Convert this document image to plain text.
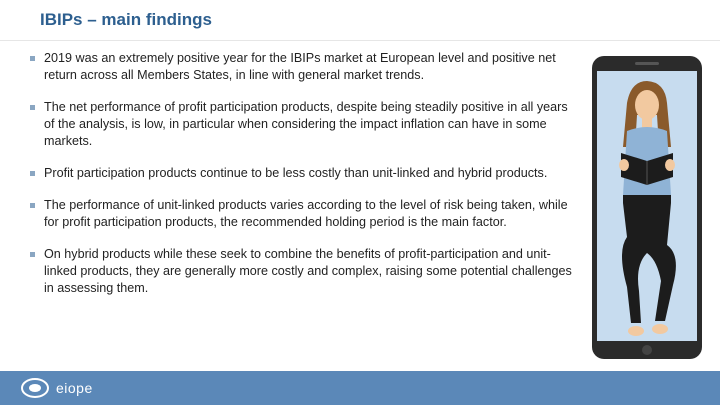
IBIPs – main findings
2019 was an extremely positive year for the IBIPs market at European level and positive net return across all Members States, in line with general market trends.
The net performance of profit participation products, despite being steadily positive in all years of the analysis, is low, in particular when considering the impact inflation can have in some markets.
Profit participation products continue to be less costly than unit-linked and hybrid products.
The performance of unit-linked products varies according to the level of risk being taken, while for profit participation products, the recommended holding period is the main factor.
On hybrid products while these seek to combine the benefits of profit-participation and unit-linked products, they are generally more costly and complex, raising some potential challenges in assessing them.
eiope
